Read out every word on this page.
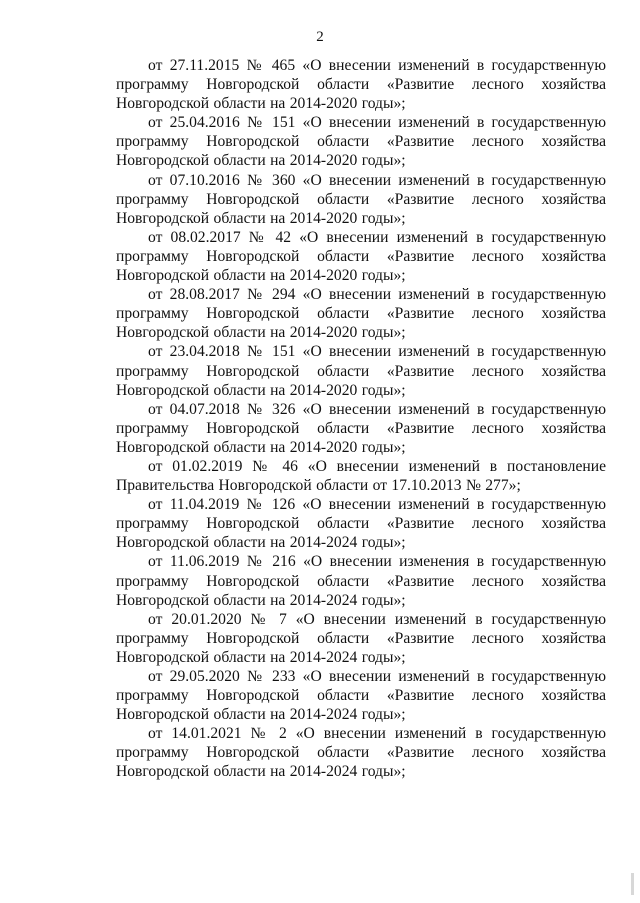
2

от 27.11.2015 № 465 «О внесении изменений в государственную программу Новгородской области «Развитие лесного хозяйства Новгородской области на 2014-2020 годы»;

от 25.04.2016 № 151 «О внесении изменений в государственную программу Новгородской области «Развитие лесного хозяйства Новгородской области на 2014-2020 годы»;

от 07.10.2016 № 360 «О внесении изменений в государственную программу Новгородской области «Развитие лесного хозяйства Новгородской области на 2014-2020 годы»;

от 08.02.2017 № 42 «О внесении изменений в государственную программу Новгородской области «Развитие лесного хозяйства Новгородской области на 2014-2020 годы»;

от 28.08.2017 № 294 «О внесении изменений в государственную программу Новгородской области «Развитие лесного хозяйства Новгородской области на 2014-2020 годы»;

от 23.04.2018 № 151 «О внесении изменений в государственную программу Новгородской области «Развитие лесного хозяйства Новгородской области на 2014-2020 годы»;

от 04.07.2018 № 326 «О внесении изменений в государственную программу Новгородской области «Развитие лесного хозяйства Новгородской области на 2014-2020 годы»;

от 01.02.2019 № 46 «О внесении изменений в постановление Правительства Новгородской области от 17.10.2013 № 277»;

от 11.04.2019 № 126 «О внесении изменений в государственную программу Новгородской области «Развитие лесного хозяйства Новгородской области на 2014-2024 годы»;

от 11.06.2019 № 216 «О внесении изменения в государственную программу Новгородской области «Развитие лесного хозяйства Новгородской области на 2014-2024 годы»;

от 20.01.2020 № 7 «О внесении изменений в государственную программу Новгородской области «Развитие лесного хозяйства Новгородской области на 2014-2024 годы»;

от 29.05.2020 № 233 «О внесении изменений в государственную программу Новгородской области «Развитие лесного хозяйства Новгородской области на 2014-2024 годы»;

от 14.01.2021 № 2 «О внесении изменений в государственную программу Новгородской области «Развитие лесного хозяйства Новгородской области на 2014-2024 годы»;
